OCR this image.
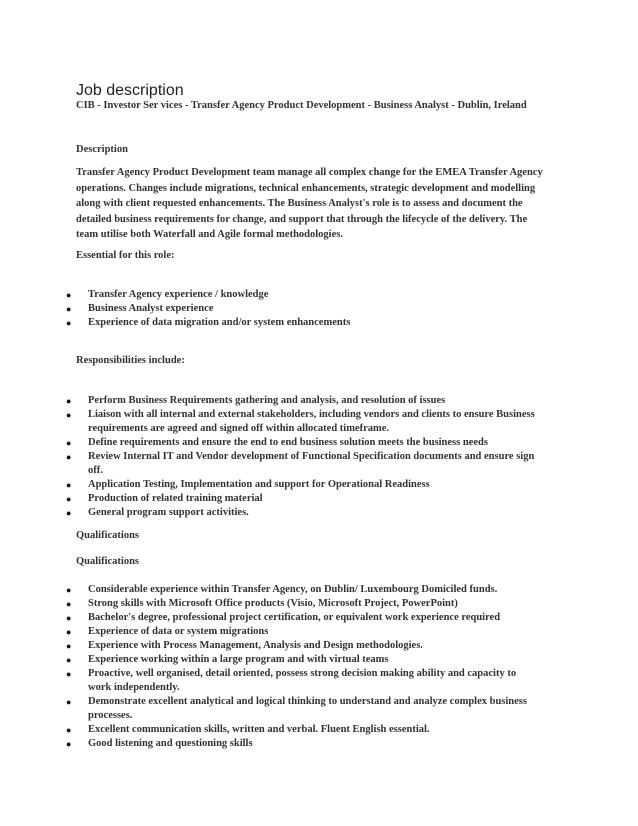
Job description
CIB - Investor Ser vices - Transfer Agency Product Development - Business Analyst - Dublin, Ireland
Description
Transfer Agency Product Development team manage all complex change for the EMEA Transfer Agency operations. Changes include migrations, technical enhancements, strategic development and modelling along with client requested enhancements. The Business Analyst's role is to assess and document the detailed business requirements for change, and support that through the lifecycle of the delivery. The team utilise both Waterfall and Agile formal methodologies.
Essential for this role:
● Transfer Agency experience / knowledge
● Business Analyst experience
● Experience of data migration and/or system enhancements
Responsibilities include:
● Perform Business Requirements gathering and analysis, and resolution of issues
● Liaison with all internal and external stakeholders, including vendors and clients to ensure Business requirements are agreed and signed off within allocated timeframe.
● Define requirements and ensure the end to end business solution meets the business needs
● Review Internal IT and Vendor development of Functional Specification documents and ensure sign off.
● Application Testing, Implementation and support for Operational Readiness
● Production of related training material
● General program support activities.
Qualifications
Qualifications
● Considerable experience within Transfer Agency, on Dublin/ Luxembourg Domiciled funds.
● Strong skills with Microsoft Office products (Visio, Microsoft Project, PowerPoint)
● Bachelor's degree, professional project certification, or equivalent work experience required
● Experience of data or system migrations
● Experience with Process Management, Analysis and Design methodologies.
● Experience working within a large program and with virtual teams
● Proactive, well organised, detail oriented, possess strong decision making ability and capacity to work independently.
● Demonstrate excellent analytical and logical thinking to understand and analyze complex business processes.
● Excellent communication skills, written and verbal. Fluent English essential.
● Good listening and questioning skills
